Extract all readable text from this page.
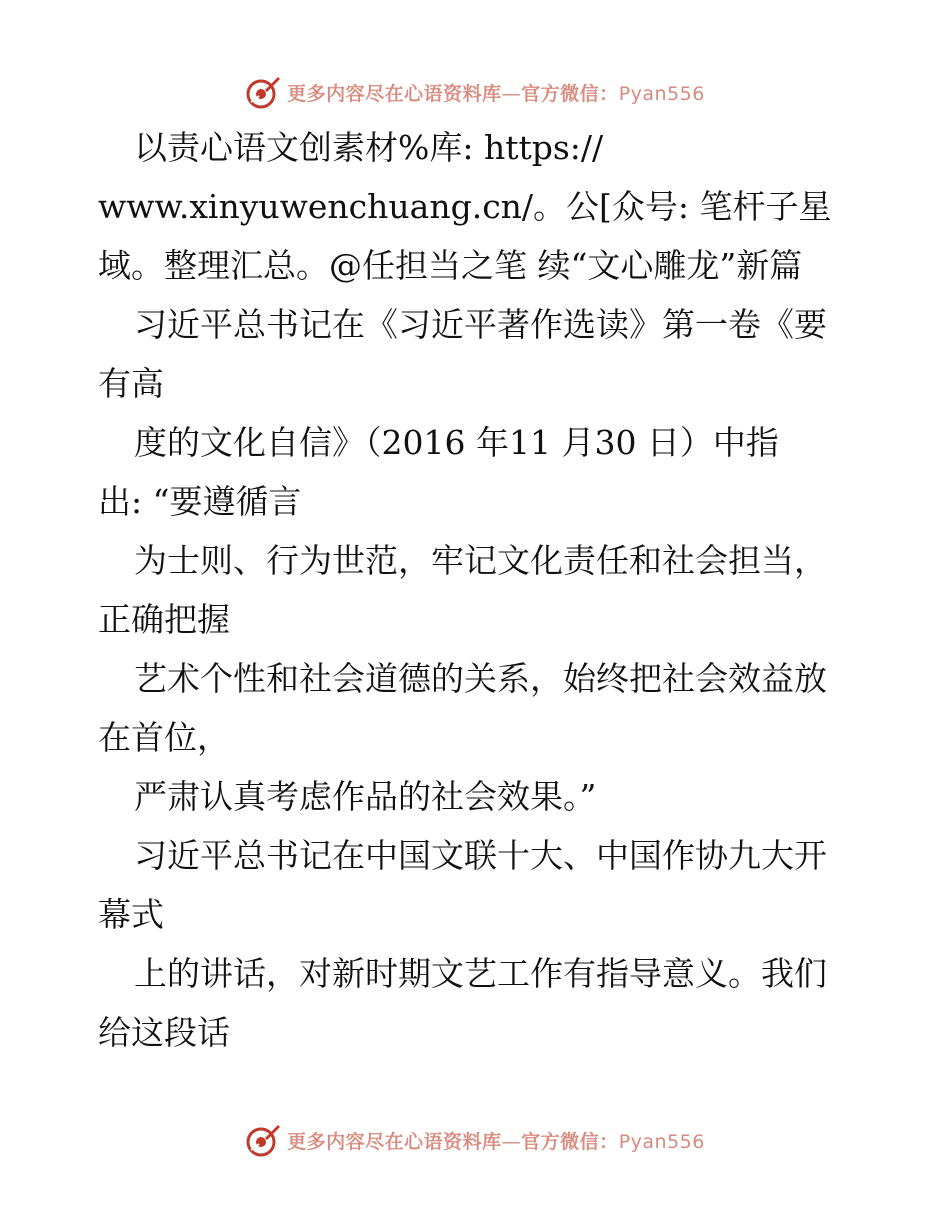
更多内容尽在心语资料库—官方微信：Pyan556
以责心语文创素材%库: https://
www.xinyuwenchuang.cn/。公[众号: 笔杆子星
域。整理汇总。@任担当之笔 续“文心雕龙”新篇
习近平总书记在《习近平著作选读》第一卷《要
有高
度的文化自信》（2016 年11 月30 日）中指
出: “要遵循言
为士则、行为世范，牢记文化责任和社会担当，
正确把握
艺术个性和社会道德的关系，始终把社会效益放
在首位，
严肃认真考虑作品的社会效果。”
习近平总书记在中国文联十大、中国作协九大开
幕式
上的讲话，对新时期文艺工作有指导意义。我们
给这段话
更多内容尽在心语资料库—官方微信：Pyan556
